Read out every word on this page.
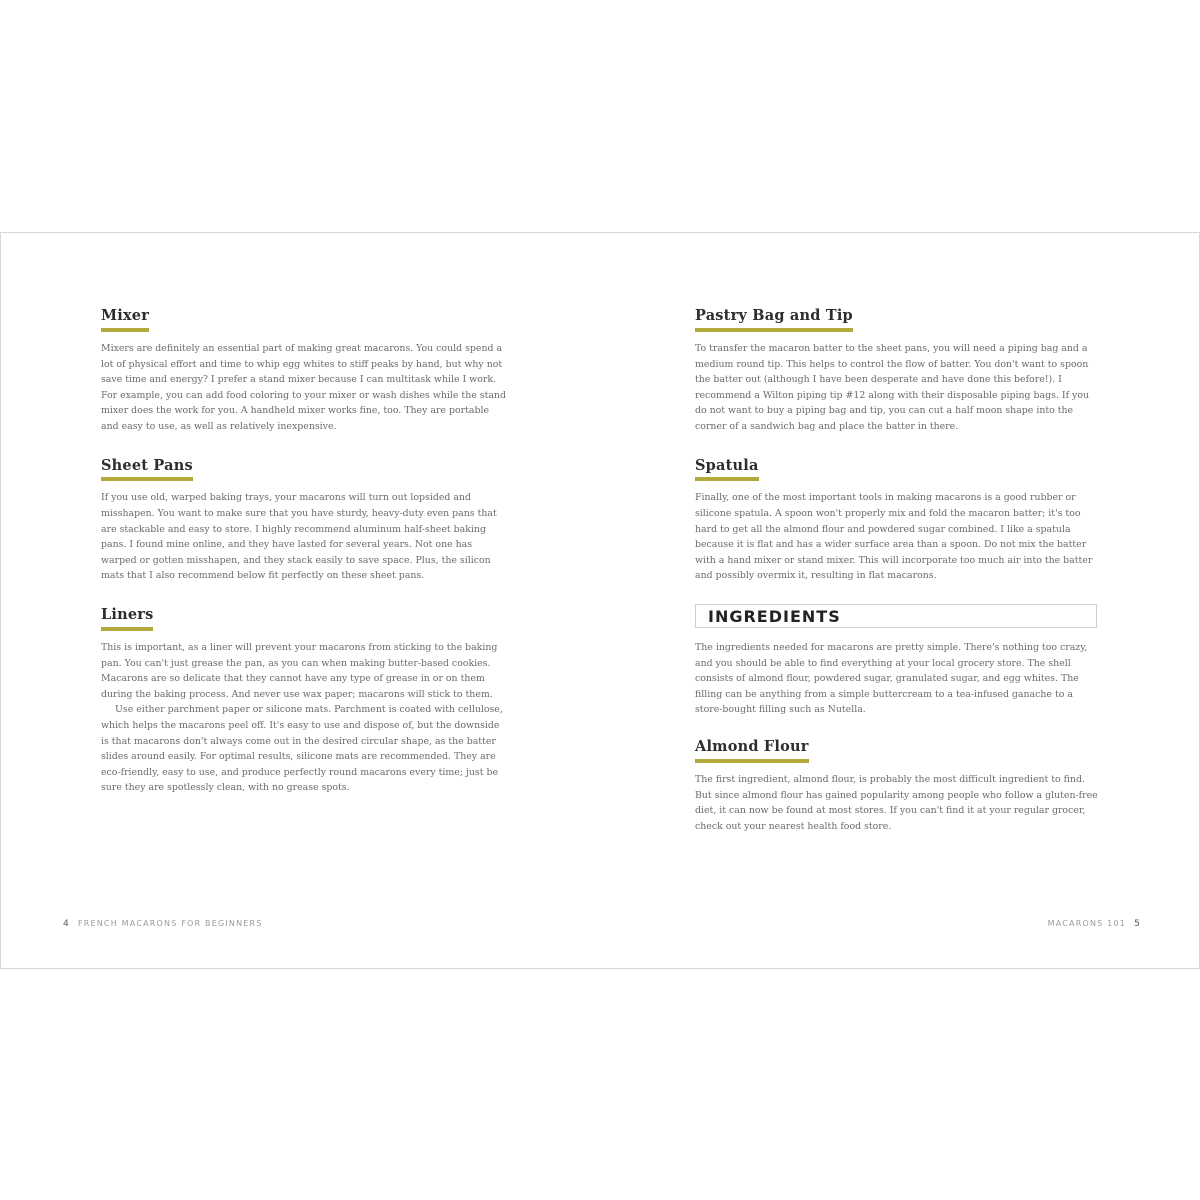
Mixer

Mixers are definitely an essential part of making great macarons. You could spend a lot of physical effort and time to whip egg whites to stiff peaks by hand, but why not save time and energy? I prefer a stand mixer because I can multitask while I work. For example, you can add food coloring to your mixer or wash dishes while the stand mixer does the work for you. A handheld mixer works fine, too. They are portable and easy to use, as well as relatively inexpensive.

Sheet Pans

If you use old, warped baking trays, your macarons will turn out lopsided and misshapen. You want to make sure that you have sturdy, heavy-duty even pans that are stackable and easy to store. I highly recommend aluminum half-sheet baking pans. I found mine online, and they have lasted for several years. Not one has warped or gotten misshapen, and they stack easily to save space. Plus, the silicon mats that I also recommend below fit perfectly on these sheet pans.

Liners

This is important, as a liner will prevent your macarons from sticking to the baking pan. You can't just grease the pan, as you can when making butter-based cookies. Macarons are so delicate that they cannot have any type of grease in or on them during the baking process. And never use wax paper; macarons will stick to them.

Use either parchment paper or silicone mats. Parchment is coated with cellulose, which helps the macarons peel off. It's easy to use and dispose of, but the downside is that macarons don't always come out in the desired circular shape, as the batter slides around easily. For optimal results, silicone mats are recommended. They are eco-friendly, easy to use, and produce perfectly round macarons every time; just be sure they are spotlessly clean, with no grease spots.

4 FRENCH MACARONS FOR BEGINNERS
Pastry Bag and Tip

To transfer the macaron batter to the sheet pans, you will need a piping bag and a medium round tip. This helps to control the flow of batter. You don't want to spoon the batter out (although I have been desperate and have done this before!). I recommend a Wilton piping tip #12 along with their disposable piping bags. If you do not want to buy a piping bag and tip, you can cut a half moon shape into the corner of a sandwich bag and place the batter in there.

Spatula

Finally, one of the most important tools in making macarons is a good rubber or silicone spatula. A spoon won't properly mix and fold the macaron batter; it's too hard to get all the almond flour and powdered sugar combined. I like a spatula because it is flat and has a wider surface area than a spoon. Do not mix the batter with a hand mixer or stand mixer. This will incorporate too much air into the batter and possibly overmix it, resulting in flat macarons.

INGREDIENTS

The ingredients needed for macarons are pretty simple. There's nothing too crazy, and you should be able to find everything at your local grocery store. The shell consists of almond flour, powdered sugar, granulated sugar, and egg whites. The filling can be anything from a simple buttercream to a tea-infused ganache to a store-bought filling such as Nutella.

Almond Flour

The first ingredient, almond flour, is probably the most difficult ingredient to find. But since almond flour has gained popularity among people who follow a gluten-free diet, it can now be found at most stores. If you can't find it at your regular grocer, check out your nearest health food store.

MACARONS 101 5
